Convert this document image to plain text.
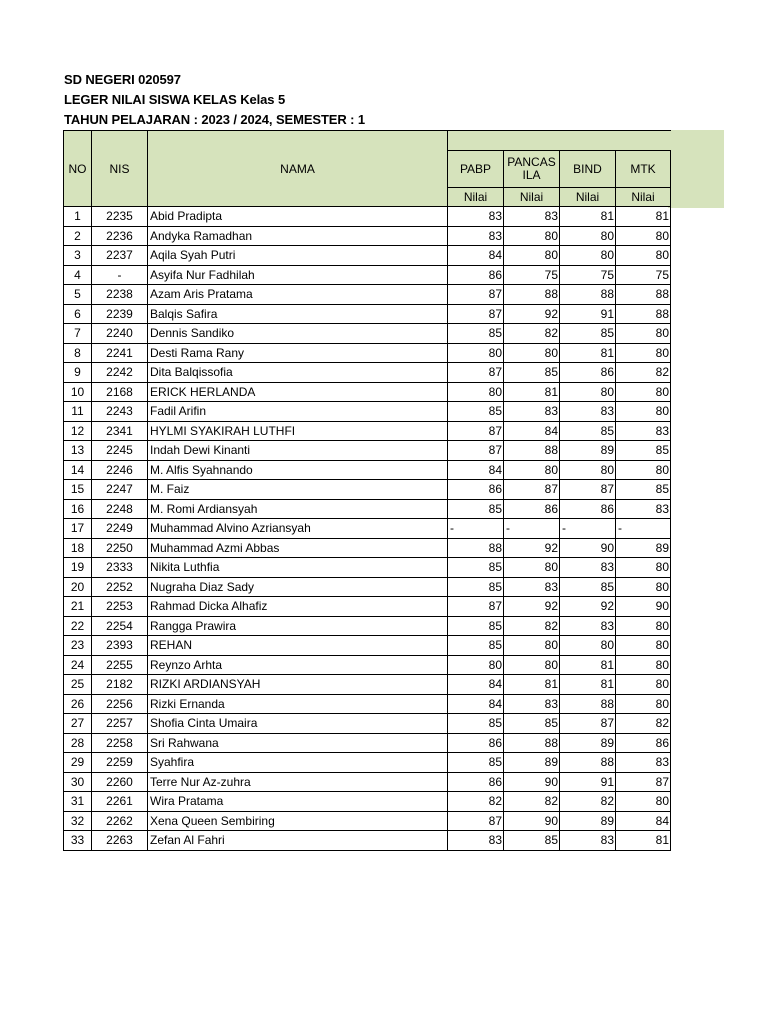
SD NEGERI 020597
LEGER NILAI SISWA KELAS Kelas 5
TAHUN PELAJARAN : 2023 / 2024, SEMESTER : 1
NO	NIS	NAMA				
			PABP	PANCASILA	BIND	MTK
			Nilai	Nilai	Nilai	Nilai
1	2235	Abid Pradipta	83	83	81	81
2	2236	Andyka Ramadhan	83	80	80	80
3	2237	Aqila Syah Putri	84	80	80	80
4	-	Asyifa Nur Fadhilah	86	75	75	75
5	2238	Azam Aris Pratama	87	88	88	88
6	2239	Balqis Safira	87	92	91	88
7	2240	Dennis Sandiko	85	82	85	80
8	2241	Desti Rama Rany	80	80	81	80
9	2242	Dita Balqissofia	87	85	86	82
10	2168	ERICK HERLANDA	80	81	80	80
11	2243	Fadil Arifin	85	83	83	80
12	2341	HYLMI SYAKIRAH LUTHFI	87	84	85	83
13	2245	Indah Dewi Kinanti	87	88	89	85
14	2246	M. Alfis Syahnando	84	80	80	80
15	2247	M. Faiz	86	87	87	85
16	2248	M. Romi Ardiansyah	85	86	86	83
17	2249	Muhammad Alvino Azriansyah	-	-	-	-
18	2250	Muhammad Azmi Abbas	88	92	90	89
19	2333	Nikita Luthfia	85	80	83	80
20	2252	Nugraha Diaz Sady	85	83	85	80
21	2253	Rahmad Dicka Alhafiz	87	92	92	90
22	2254	Rangga Prawira	85	82	83	80
23	2393	REHAN	85	80	80	80
24	2255	Reynzo Arhta	80	80	81	80
25	2182	RIZKI ARDIANSYAH	84	81	81	80
26	2256	Rizki Ernanda	84	83	88	80
27	2257	Shofia Cinta Umaira	85	85	87	82
28	2258	Sri Rahwana	86	88	89	86
29	2259	Syahfira	85	89	88	83
30	2260	Terre Nur Az-zuhra	86	90	91	87
31	2261	Wira Pratama	82	82	82	80
32	2262	Xena Queen Sembiring	87	90	89	84
33	2263	Zefan Al Fahri	83	85	83	81
